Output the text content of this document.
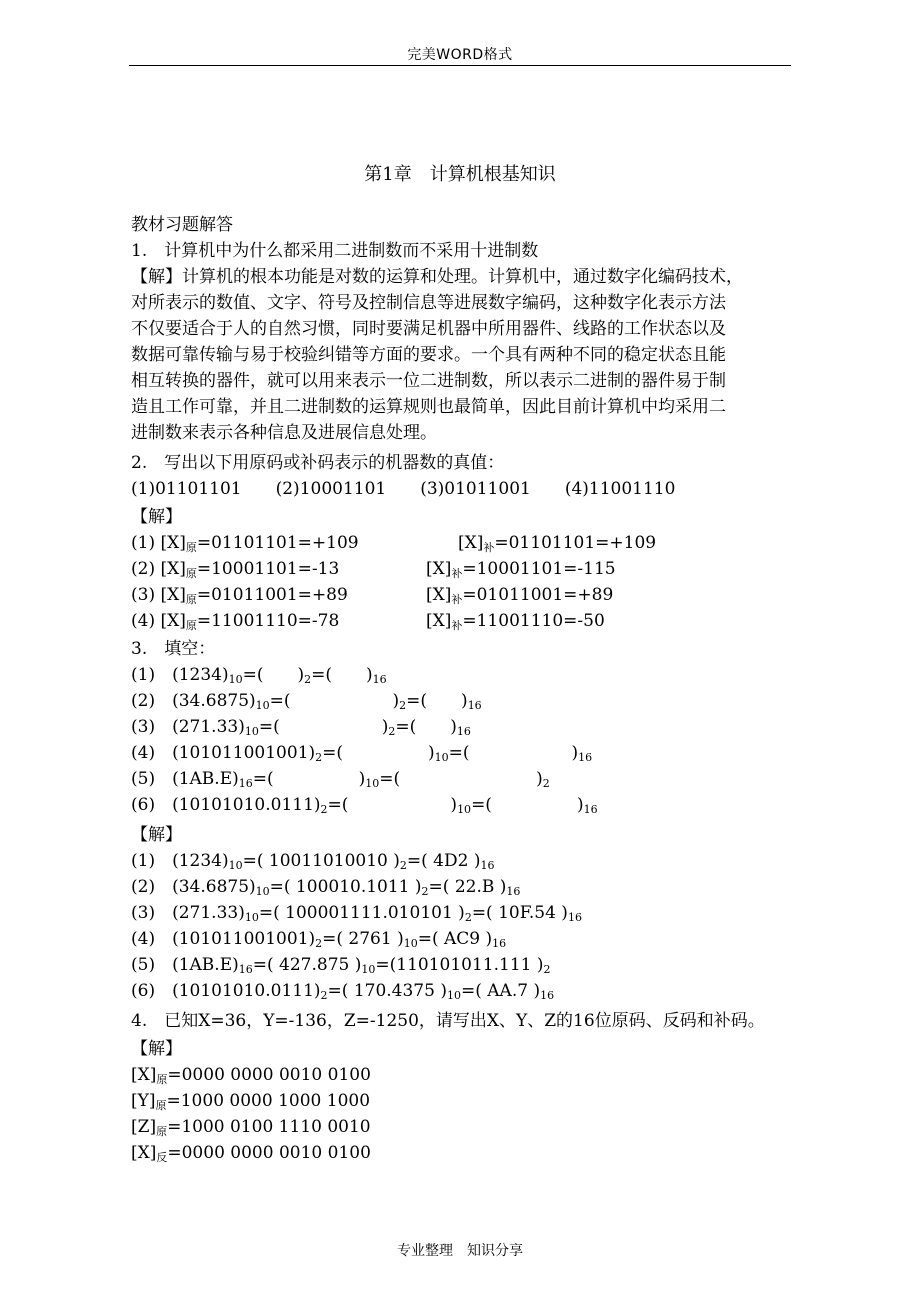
完美WORD格式
第1章　计算机根基知识
教材习题解答
1.　计算机中为什么都采用二进制数而不采用十进制数
【解】计算机的根本功能是对数的运算和处理。计算机中，通过数字化编码技术，
对所表示的数值、文字、符号及控制信息等进展数字编码，这种数字化表示方法
不仅要适合于人的自然习惯，同时要满足机器中所用器件、线路的工作状态以及
数据可靠传输与易于校验纠错等方面的要求。一个具有两种不同的稳定状态且能
相互转换的器件，就可以用来表示一位二进制数，所以表示二进制的器件易于制
造且工作可靠，并且二进制数的运算规则也最简单，因此目前计算机中均采用二
进制数来表示各种信息及进展信息处理。
2.　写出以下用原码或补码表示的机器数的真值：
(1)01101101　　(2)10001101　　(3)01011001　　(4)11001110
【解】
(1) $[X]_原=01101101=+109$	$[X]_补=01101101=+109$
(2) $[X]_原=10001101=-13$	$[X]_补=10001101=-115$
(3) $[X]_原=01011001=+89$	$[X]_补=01011001=+89$
(4) $[X]_原=11001110=-78$	$[X]_补=11001110=-50$
3.　填空：
(1)　$(1234)_{10}=$(　　)$_2=$(　　)$_{16}$
(2)　$(34.6875)_{10}=$(　　　　　　)$_2=$(　　)$_{16}$
(3)　$(271.33)_{10}=$(　　　　　　)$_2=$(　　)$_{16}$
(4)　$(101011001001)_2=$(　　　　　)$_{10}=$(　　　　　　)$_{16}$
(5)　$(1AB.E)_{16}=$(　　　　　)$_{10}=$(　　　　　　　　)$_2$
(6)　$(10101010.0111)_2=$(　　　　　　)$_{10}=$(　　　　　)$_{16}$
【解】
(1)　$(1234)_{10}=$( 10011010010 )$_2=$( 4D2 )$_{16}$
(2)　$(34.6875)_{10}=$( 100010.1011 )$_2=$( 22.B )$_{16}$
(3)　$(271.33)_{10}=$( 100001111.010101 )$_2=$( 10F.54 )$_{16}$
(4)　$(101011001001)_2=$( 2761 )$_{10}=$( AC9 )$_{16}$
(5)　$(1AB.E)_{16}=$( 427.875 )$_{10}=(110101011.111$ )$_2$
(6)　$(10101010.0111)_2=$( 170.4375 )$_{10}=$( AA.7 )$_{16}$
4.　已知X=36，Y=-136，Z=-1250，请写出X、Y、Z的16位原码、反码和补码。
【解】
$[X]_原=0000$ 0000 0010 0100
$[Y]_原=1000$ 0000 1000 1000
$[Z]_原=1000$ 0100 1110 0010
$[X]_反=0000$ 0000 0010 0100
专业整理　知识分享
